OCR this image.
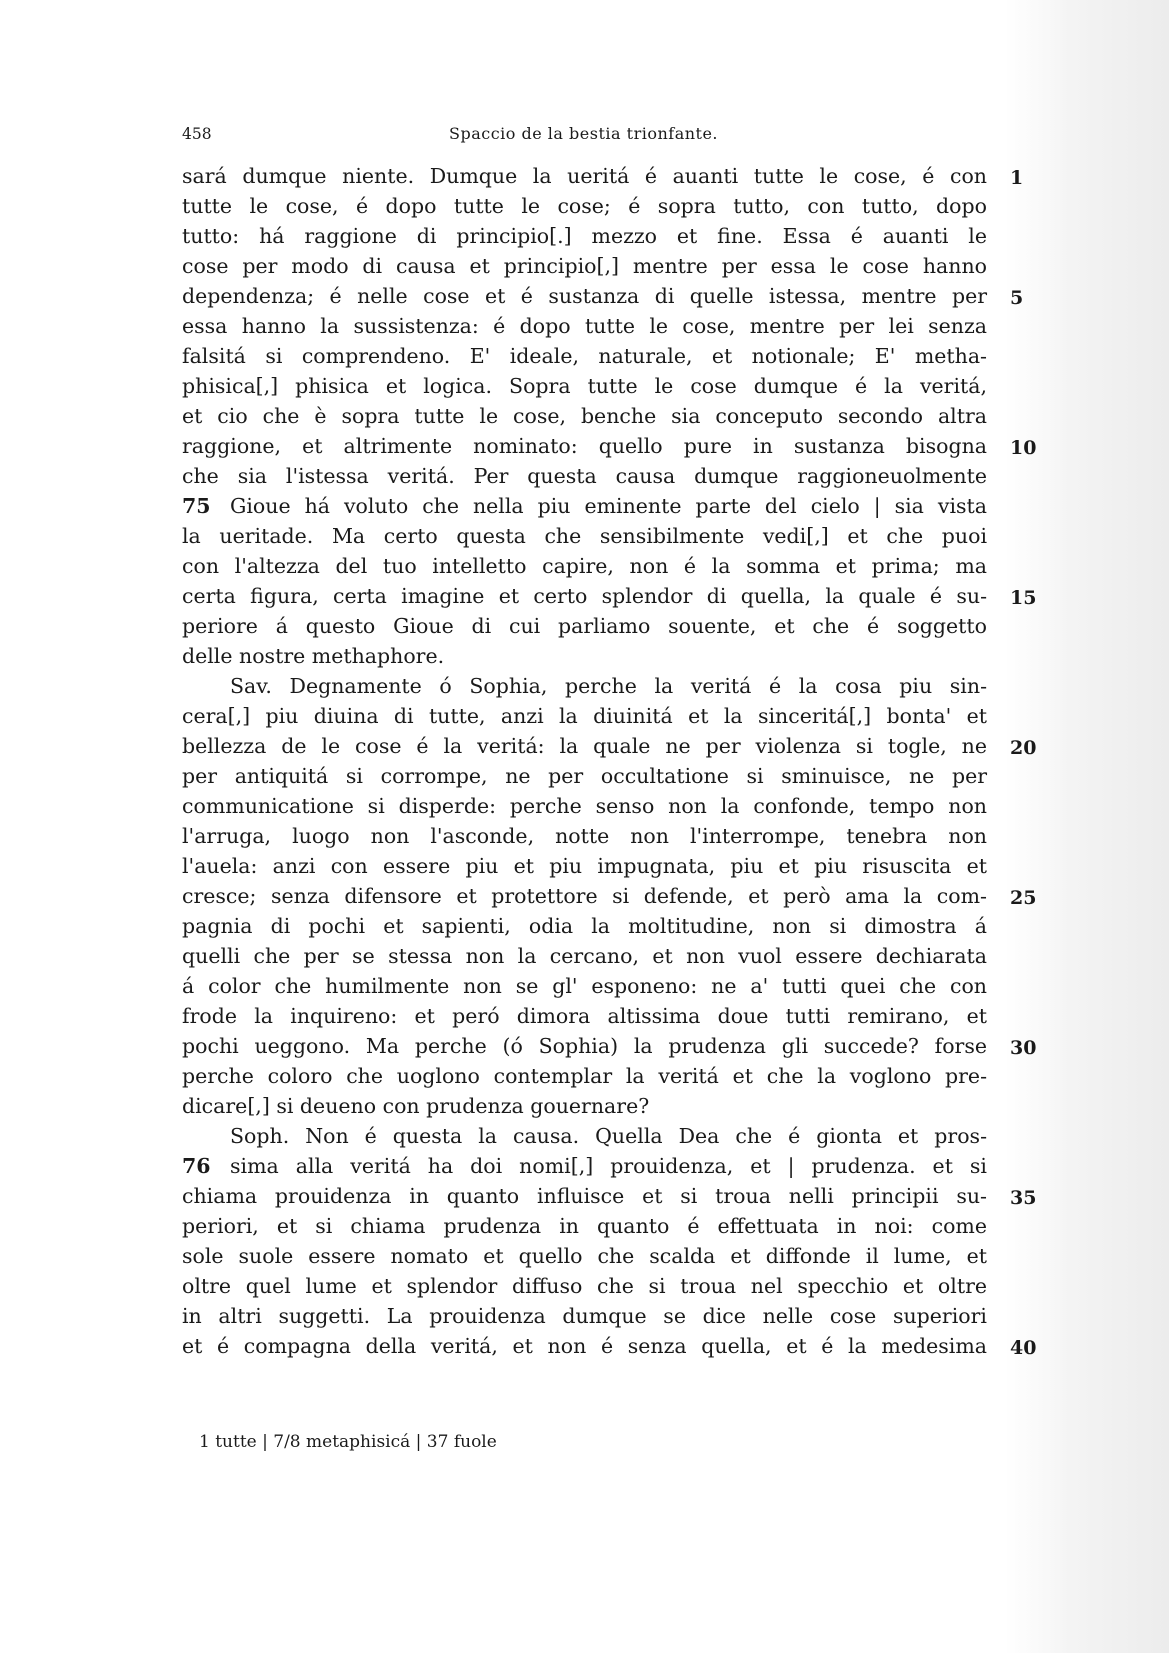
458	Spaccio de la bestia trionfante.
sará dumque niente. Dumque la ueritá é auanti tutte le cose, é con
tutte le cose, é dopo tutte le cose; é sopra tutto, con tutto, dopo
tutto: há raggione di principio[.] mezzo et fine. Essa é auanti le
cose per modo di causa et principio[,] mentre per essa le cose hanno
dependenza; é nelle cose et é sustanza di quelle istessa, mentre per
essa hanno la sussistenza: é dopo tutte le cose, mentre per lei senza
falsitá si comprendeno. E' ideale, naturale, et notionale; E' metha-
phisica[,] phisica et logica. Sopra tutte le cose dumque é la veritá,
et cio che è sopra tutte le cose, benche sia conceputo secondo altra
raggione, et altrimente nominato: quello pure in sustanza bisogna
che sia l'istessa veritá. Per questa causa dumque raggioneuolmente
Gioue há voluto che nella piu eminente parte del cielo | sia vista
la ueritade. Ma certo questa che sensibilmente vedi[,] et che puoi
con l'altezza del tuo intelletto capire, non é la somma et prima; ma
certa figura, certa imagine et certo splendor di quella, la quale é su-
periore á questo Gioue di cui parliamo souente, et che é soggetto
delle nostre methaphore.
Sav. Degnamente ó Sophia, perche la veritá é la cosa piu sin-
cera[,] piu diuina di tutte, anzi la diuinitá et la sinceritá[,] bonta' et
bellezza de le cose é la veritá: la quale ne per violenza si togle, ne
per antiquitá si corrompe, ne per occultatione si sminuisce, ne per
communicatione si disperde: perche senso non la confonde, tempo non
l'arruga, luogo non l'asconde, notte non l'interrompe, tenebra non
l'auela: anzi con essere piu et piu impugnata, piu et piu risuscita et
cresce; senza difensore et protettore si defende, et però ama la com-
pagnia di pochi et sapienti, odia la moltitudine, non si dimostra á
quelli che per se stessa non la cercano, et non vuol essere dechiarata
á color che humilmente non se gl' esponeno: ne a' tutti quei che con
frode la inquireno: et peró dimora altissima doue tutti remirano, et
pochi ueggono. Ma perche (ó Sophia) la prudenza gli succede? forse
perche coloro che uoglono contemplar la veritá et che la voglono pre-
dicare[,] si deueno con prudenza gouernare?
Soph. Non é questa la causa. Quella Dea che é gionta et pros-
sima alla veritá ha doi nomi[,] prouidenza, et | prudenza. et si
chiama prouidenza in quanto influisce et si troua nelli principii su-
periori, et si chiama prudenza in quanto é effettuata in noi: come
sole suole essere nomato et quello che scalda et diffonde il lume, et
oltre quel lume et splendor diffuso che si troua nel specchio et oltre
in altri suggetti. La prouidenza dumque se dice nelle cose superiori
et é compagna della veritá, et non é senza quella, et é la medesima
75
76
1
5
10
15
20
25
30
35
40
1 tutte | 7/8 metaphisicá | 37 fuole
